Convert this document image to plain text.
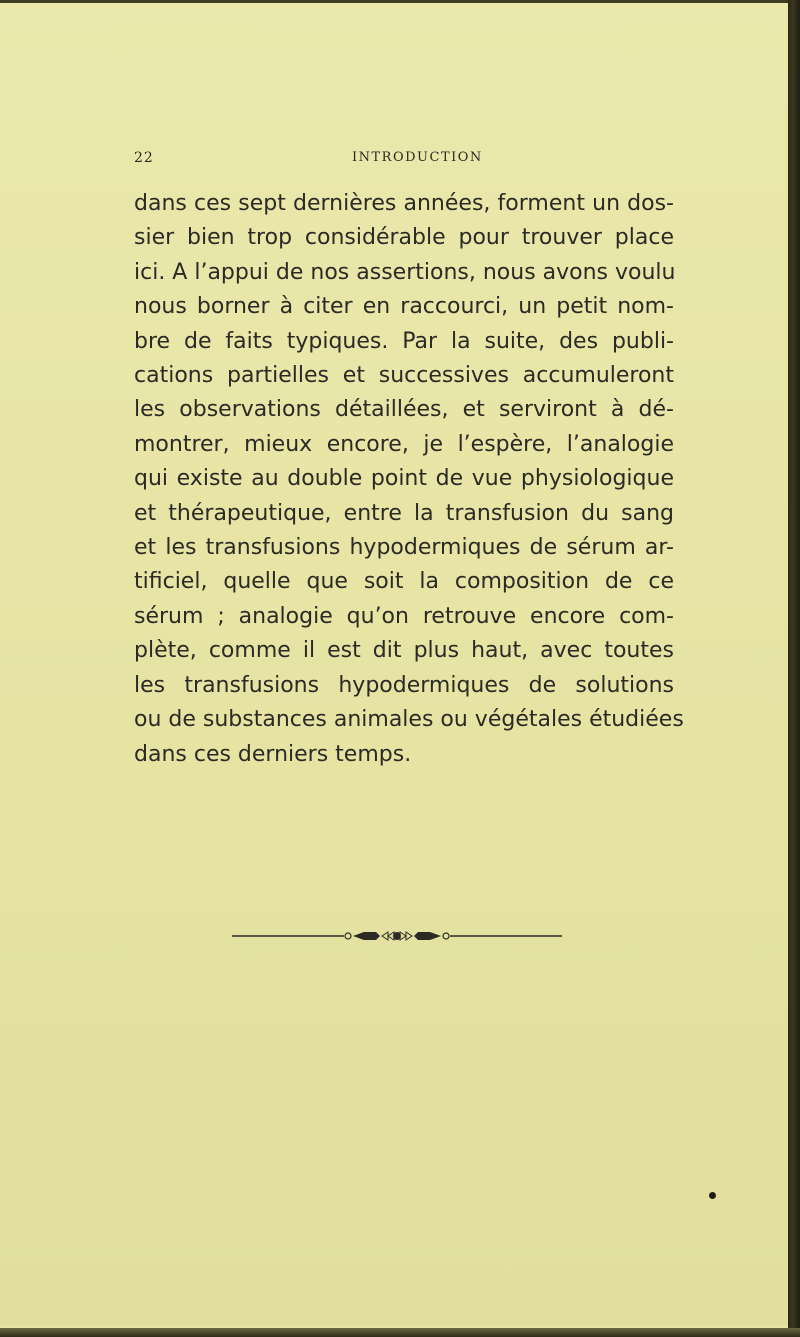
22	INTRODUCTION

dans ces sept dernières années, forment un dos-
sier bien trop considérable pour trouver place
ici. A l’appui de nos assertions, nous avons voulu
nous borner à citer en raccourci, un petit nom-
bre de faits typiques. Par la suite, des publi-
cations partielles et successives accumuleront
les observations détaillées, et serviront à dé-
montrer, mieux encore, je l’espère, l’analogie
qui existe au double point de vue physiologique
et thérapeutique, entre la transfusion du sang
et les transfusions hypodermiques de sérum ar-
tificiel, quelle que soit la composition de ce
sérum ; analogie qu’on retrouve encore com-
plète, comme il est dit plus haut, avec toutes
les transfusions hypodermiques de solutions
ou de substances animales ou végétales étudiées
dans ces derniers temps.
